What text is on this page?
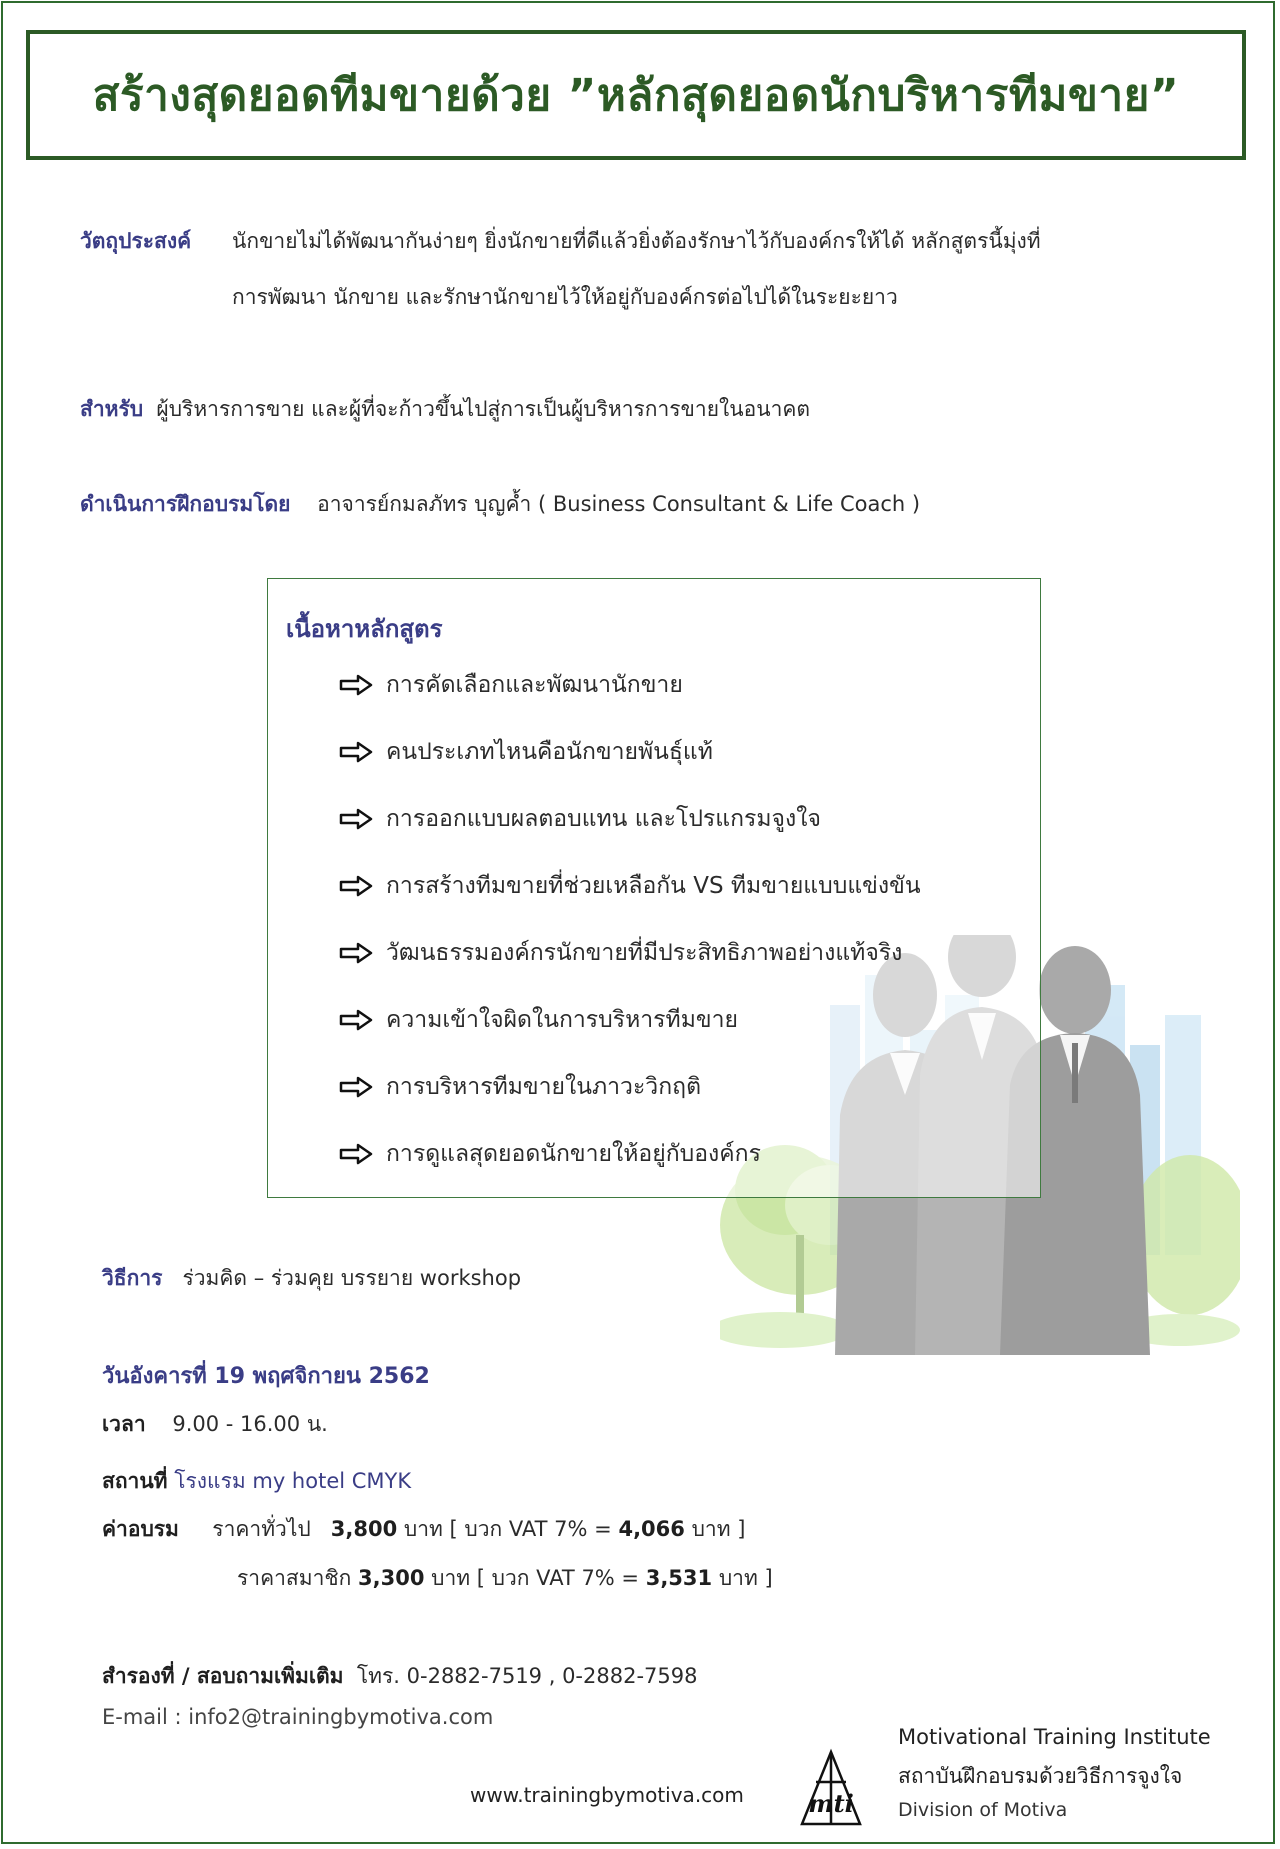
สร้างสุดยอดทีมขายด้วย ”หลักสุดยอดนักบริหารทีมขาย”
วัตถุประสงค์ นักขายไม่ได้พัฒนากันง่ายๆ ยิ่งนักขายที่ดีแล้วยิ่งต้องรักษาไว้กับองค์กรให้ได้ หลักสูตรนี้มุ่งที่
การพัฒนา นักขาย และรักษานักขายไว้ให้อยู่กับองค์กรต่อไปได้ในระยะยาว
สำหรับ ผู้บริหารการขาย และผู้ที่จะก้าวขึ้นไปสู่การเป็นผู้บริหารการขายในอนาคต
ดำเนินการฝึกอบรมโดย อาจารย์กมลภัทร บุญค้ำ ( Business Consultant & Life Coach )
เนื้อหาหลักสูตร
การคัดเลือกและพัฒนานักขาย
คนประเภทไหนคือนักขายพันธุ์แท้
การออกแบบผลตอบแทน และโปรแกรมจูงใจ
การสร้างทีมขายที่ช่วยเหลือกัน VS ทีมขายแบบแข่งขัน
วัฒนธรรมองค์กรนักขายที่มีประสิทธิภาพอย่างแท้จริง
ความเข้าใจผิดในการบริหารทีมขาย
การบริหารทีมขายในภาวะวิกฤติ
การดูแลสุดยอดนักขายให้อยู่กับองค์กร
วิธีการ ร่วมคิด – ร่วมคุย บรรยาย workshop
วันอังคารที่ 19 พฤศจิกายน 2562
เวลา 9.00 - 16.00 น.
สถานที่ โรงแรม my hotel CMYK
ค่าอบรม ราคาทั่วไป 3,800 บาท [ บวก VAT 7% = 4,066 บาท ]
ราคาสมาชิก 3,300 บาท [ บวก VAT 7% = 3,531 บาท ]
สำรองที่ / สอบถามเพิ่มเติม โทร. 0-2882-7519 , 0-2882-7598
E-mail : info2@trainingbymotiva.com
www.trainingbymotiva.com	mti
Motivational Training Institute
สถาบันฝึกอบรมด้วยวิธีการจูงใจ
Division of Motiva
